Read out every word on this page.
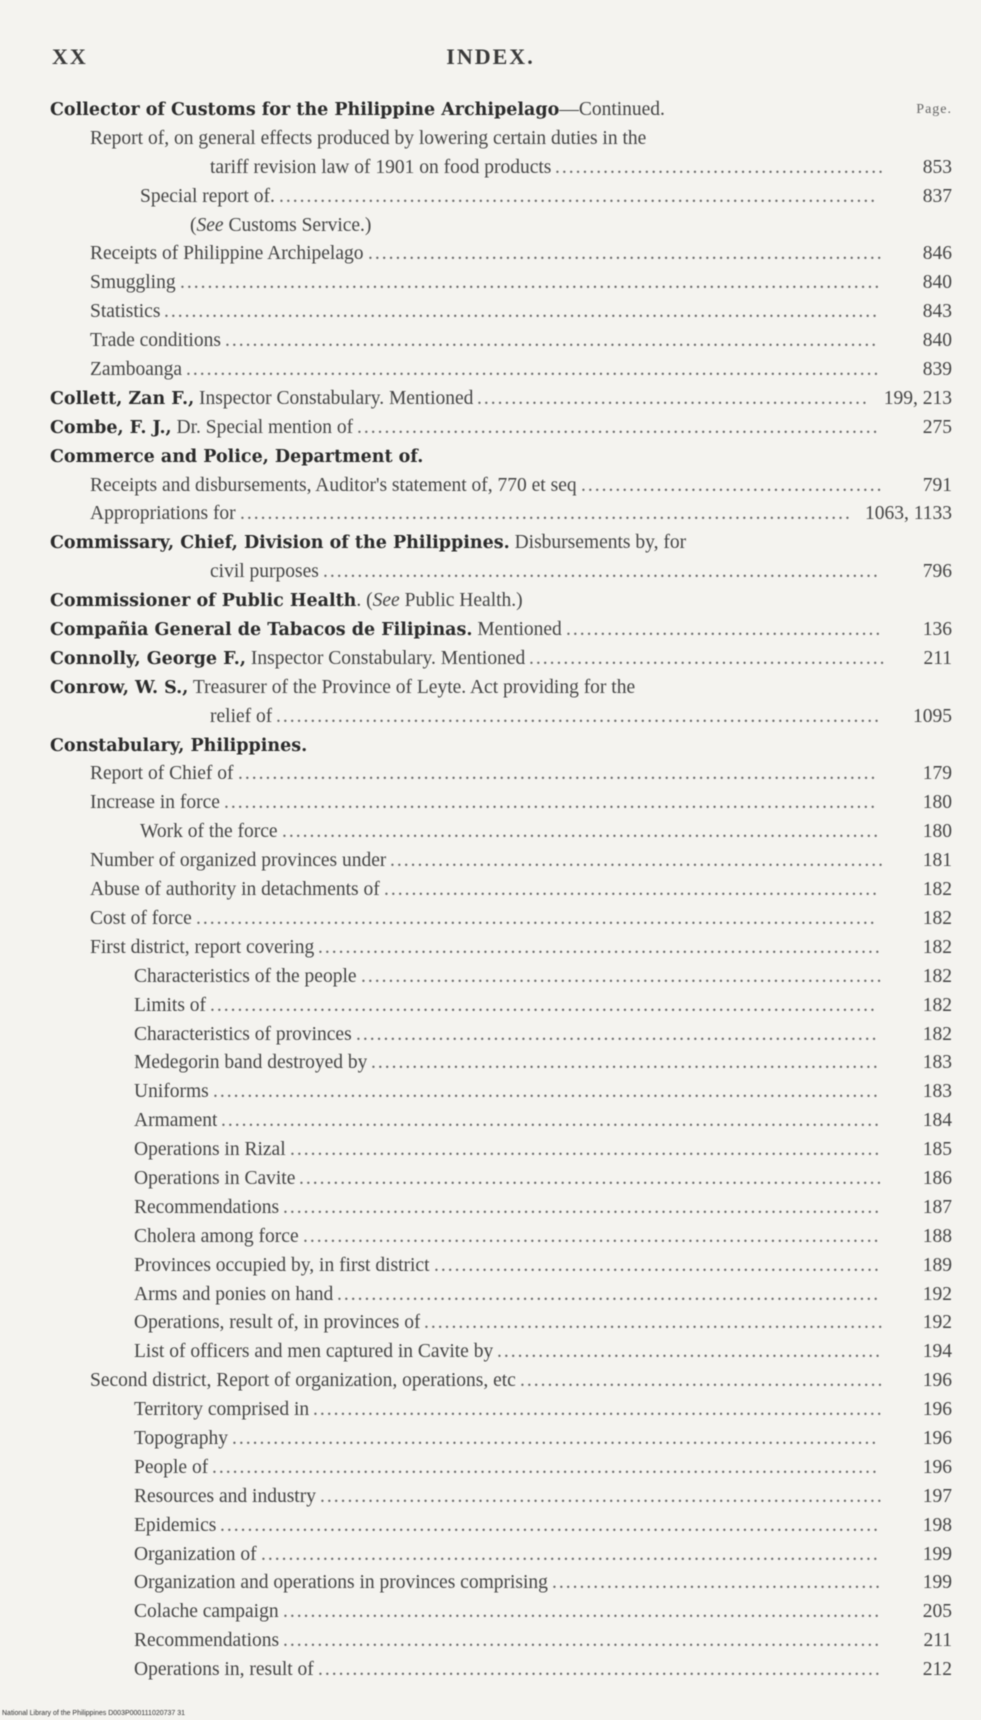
XX	INDEX.
Collector of Customs for the Philippine Archipelago—Continued.	Page.
Report of, on general effects produced by lowering certain duties in the
tariff revision law of 1901 on food products	853
................................................
Special report of.	837
.......................................................................................
(See Customs Service.)
Receipts of Philippine Archipelago	846
...........................................................................
Smuggling	840
......................................................................................................
Statistics	843
........................................................................................................
Trade conditions	840
...............................................................................................
Zamboanga	839
.....................................................................................................
Collett, Zan F., Inspector Constabulary. Mentioned	199, 213
.........................................................
Combe, F. J., Dr. Special mention of	275
............................................................................
Commerce and Police, Department of.
Receipts and disbursements, Auditor's statement of, 770 et seq	791
............................................
Appropriations for	1063, 1133
.........................................................................................
Commissary, Chief, Division of the Philippines. Disbursements by, for
civil purposes	796
.................................................................................
Commissioner of Public Health. (See Public Health.)
Compañia General de Tabacos de Filipinas. Mentioned	136
..............................................
Connolly, George F., Inspector Constabulary. Mentioned	211
....................................................
Conrow, W. S., Treasurer of the Province of Leyte. Act providing for the
relief of	1095
........................................................................................
Constabulary, Philippines.
Report of Chief of	179
.............................................................................................
Increase in force	180
...............................................................................................
Work of the force	180
.......................................................................................
Number of organized provinces under	181
........................................................................
Abuse of authority in detachments of	182
........................................................................
Cost of force	182
...................................................................................................
First district, report covering	182
..................................................................................
Characteristics of the people	182
............................................................................
Limits of	182
.................................................................................................
Characteristics of provinces	182
............................................................................
Medegorin band destroyed by	183
..........................................................................
Uniforms	183
.................................................................................................
Armament	184
................................................................................................
Operations in Rizal	185
......................................................................................
Operations in Cavite	186
.....................................................................................
Recommendations	187
.......................................................................................
Cholera among force	188
....................................................................................
Provinces occupied by, in first district	189
.................................................................
Arms and ponies on hand	192
...............................................................................
Operations, result of, in provinces of	192
...................................................................
List of officers and men captured in Cavite by	194
........................................................
Second district, Report of organization, operations, etc	196
.....................................................
Territory comprised in	196
...................................................................................
Topography	196
..............................................................................................
People of	196
.................................................................................................
Resources and industry	197
..................................................................................
Epidemics	198
................................................................................................
Organization of	199
..........................................................................................
Organization and operations in provinces comprising	199
................................................
Colache campaign	205
.......................................................................................
Recommendations	211
.......................................................................................
Operations in, result of	212
..................................................................................
National Library of the Philippines D003P000111020737 31
